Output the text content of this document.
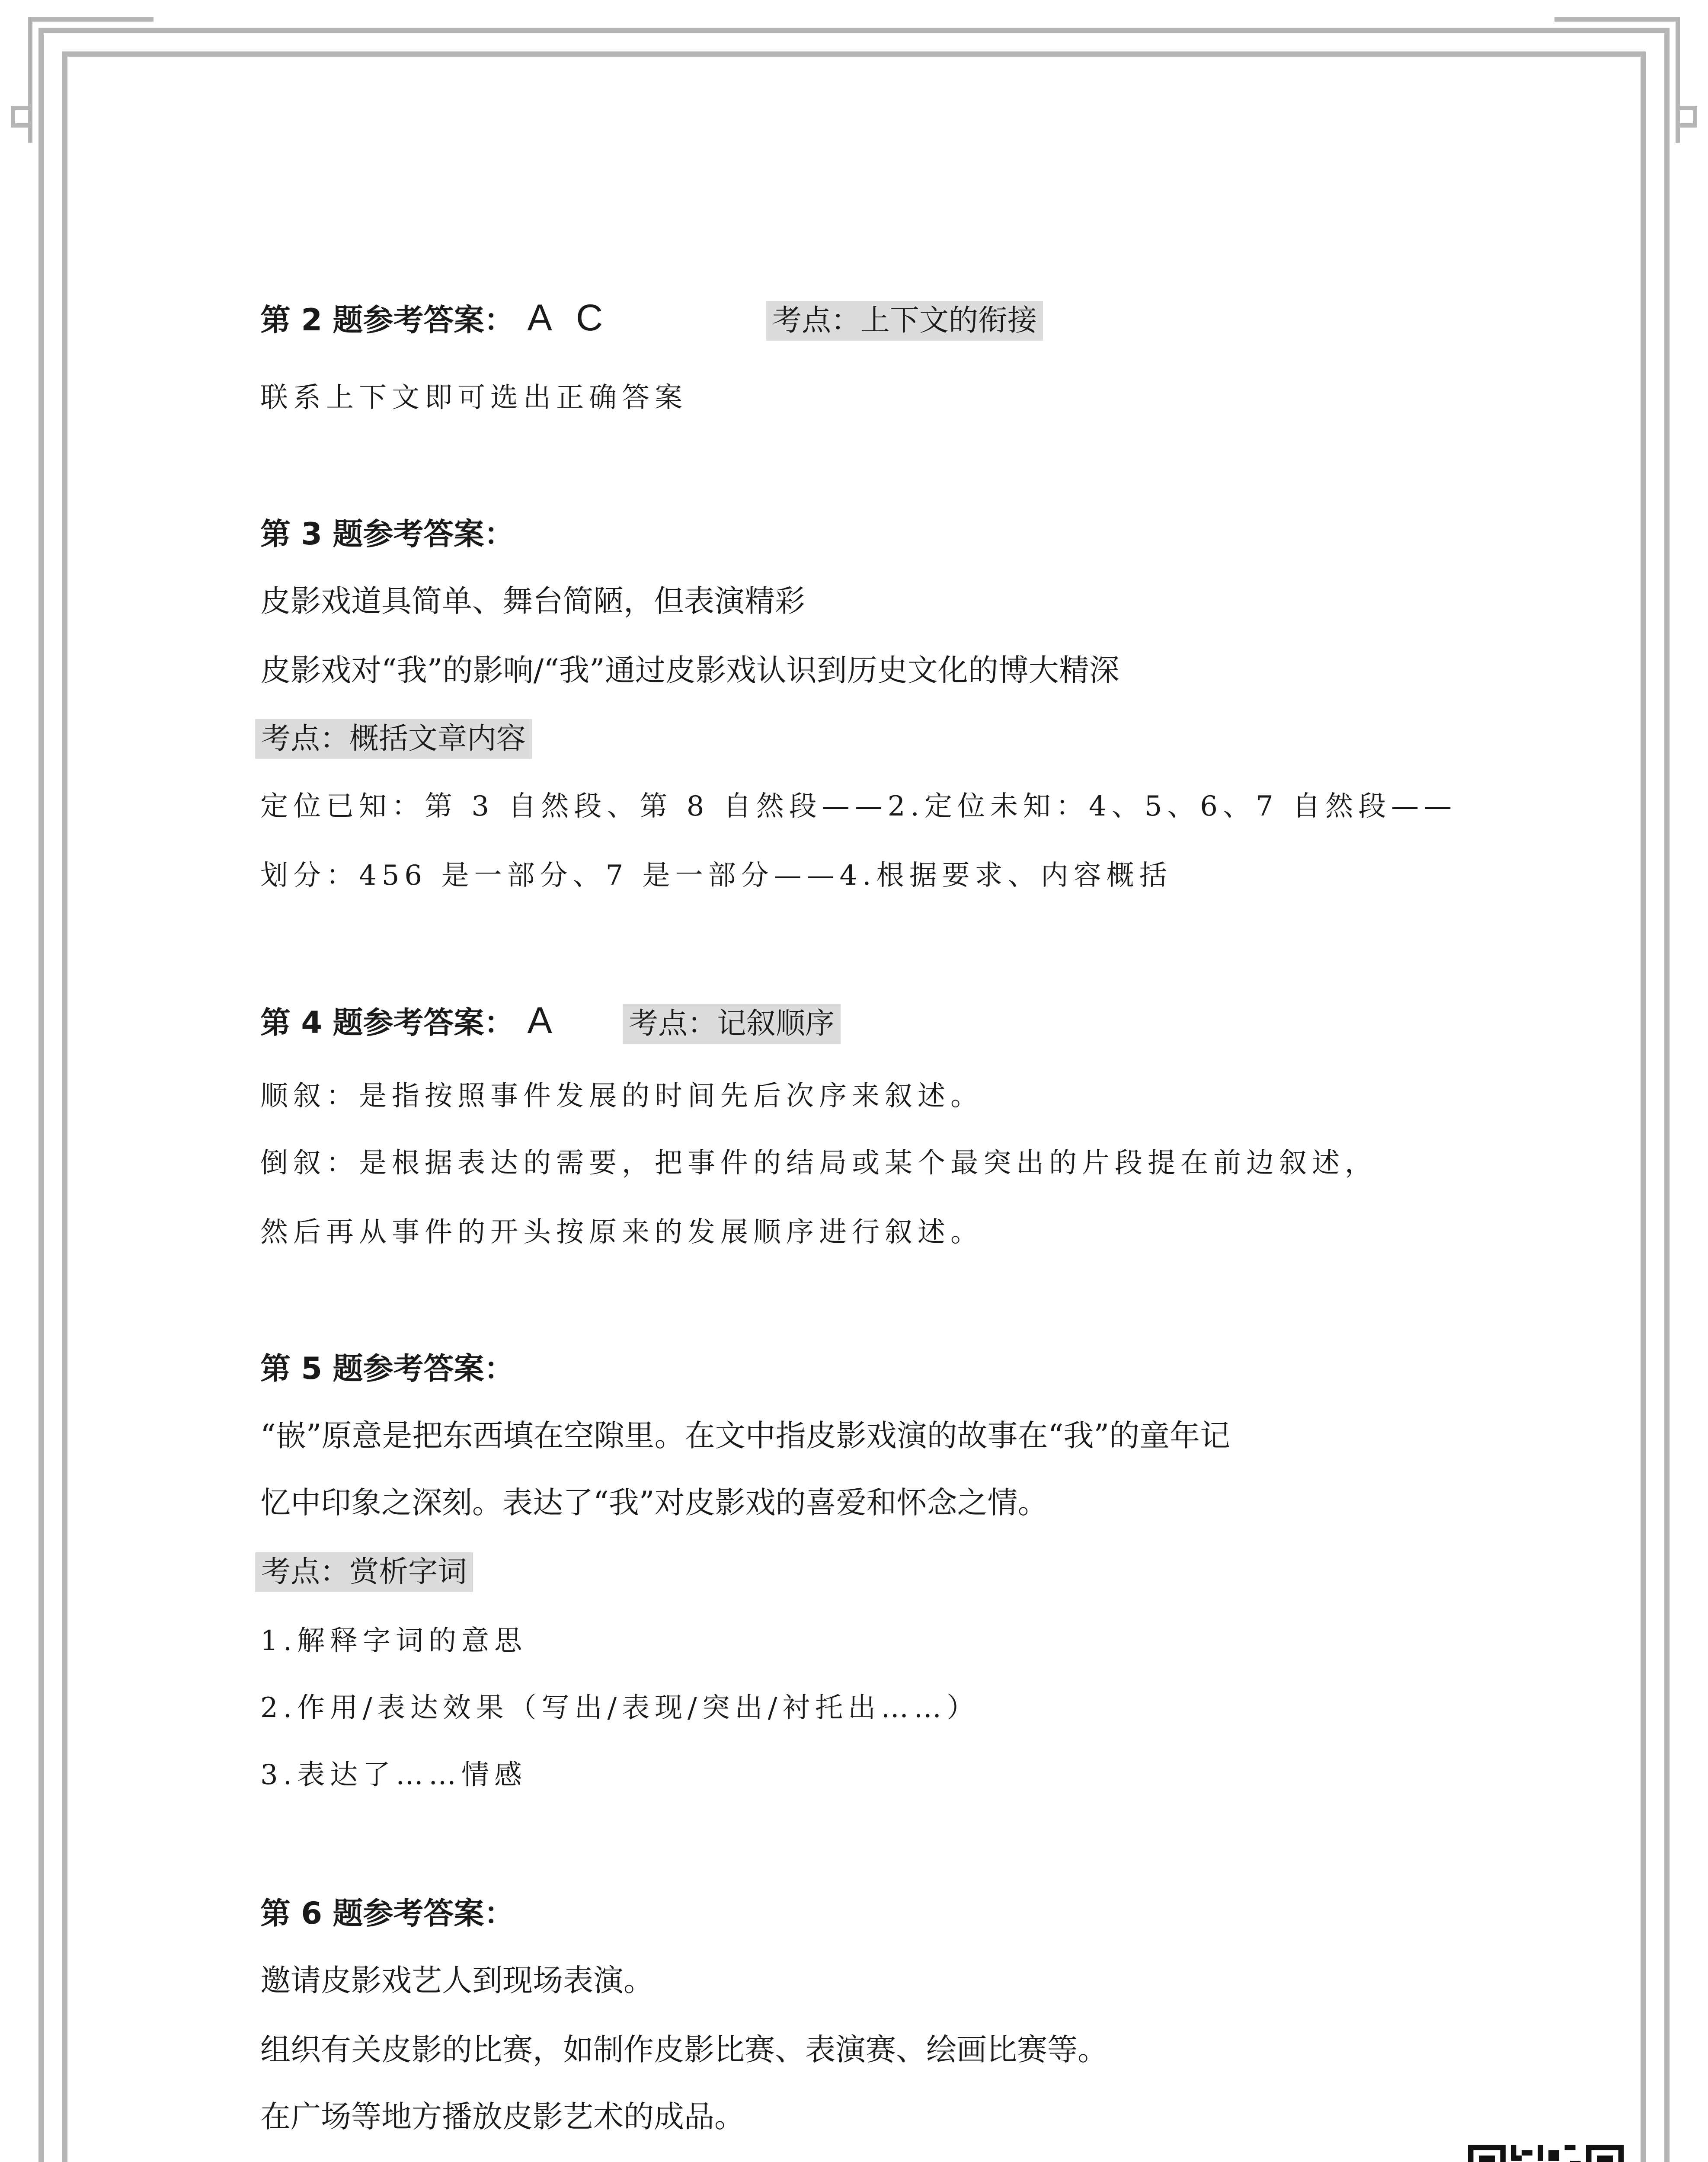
第 2 题参考答案： A C	考点：上下文的衔接
联系上下文即可选出正确答案
第 3 题参考答案：
皮影戏道具简单、舞台简陋，但表演精彩
皮影戏对“我”的影响/“我”通过皮影戏认识到历史文化的博大精深
考点：概括文章内容
定位已知：第 3 自然段、第 8 自然段——2.定位未知：4、5、6、7 自然段——
划分：456 是一部分、7 是一部分——4.根据要求、内容概括
第 4 题参考答案： A 考点：记叙顺序
顺叙：是指按照事件发展的时间先后次序来叙述。
倒叙：是根据表达的需要，把事件的结局或某个最突出的片段提在前边叙述，
然后再从事件的开头按原来的发展顺序进行叙述。
第 5 题参考答案：
“嵌”原意是把东西填在空隙里。在文中指皮影戏演的故事在“我”的童年记
忆中印象之深刻。表达了“我”对皮影戏的喜爱和怀念之情。
考点：赏析字词
1.解释字词的意思
2.作用/表达效果（写出/表现/突出/衬托出……）
3.表达了……情感
第 6 题参考答案：
邀请皮影戏艺人到现场表演。
组织有关皮影的比赛，如制作皮影比赛、表演赛、绘画比赛等。
在广场等地方播放皮影艺术的成品。
